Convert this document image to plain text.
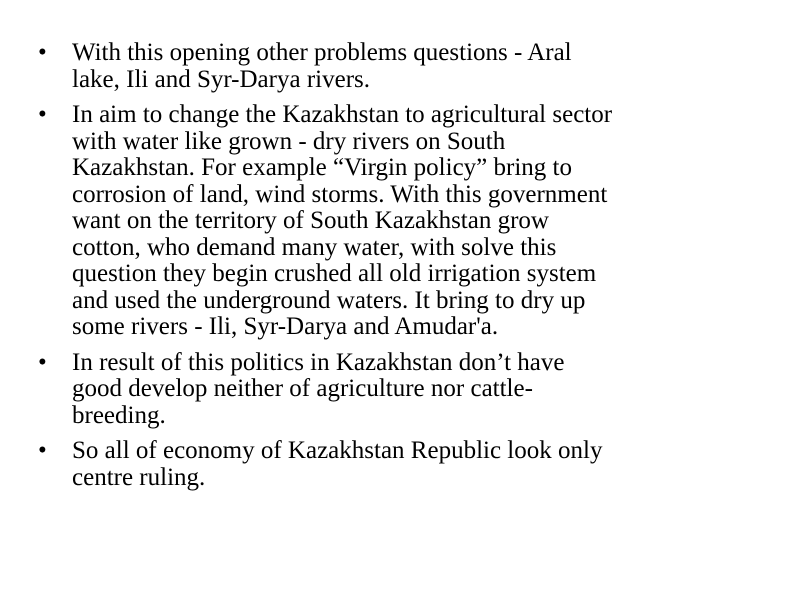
•	With this opening other problems questions - Aral
lake, Ili and Syr-Darya rivers.
•	In aim to change the Kazakhstan to agricultural sector
with water like grown - dry rivers on South
Kazakhstan. For example “Virgin policy” bring to
corrosion of land, wind storms. With this government
want on the territory of South Kazakhstan grow
cotton, who demand many water, with solve this
question they begin crushed all old irrigation system
and used the underground waters. It bring to dry up
some rivers - Ili, Syr-Darya and Amudar'a.
•	In result of this politics in Kazakhstan don’t have
good develop neither of agriculture nor cattle-
breeding.
•	So all of economy of Kazakhstan Republic look only
centre ruling.
